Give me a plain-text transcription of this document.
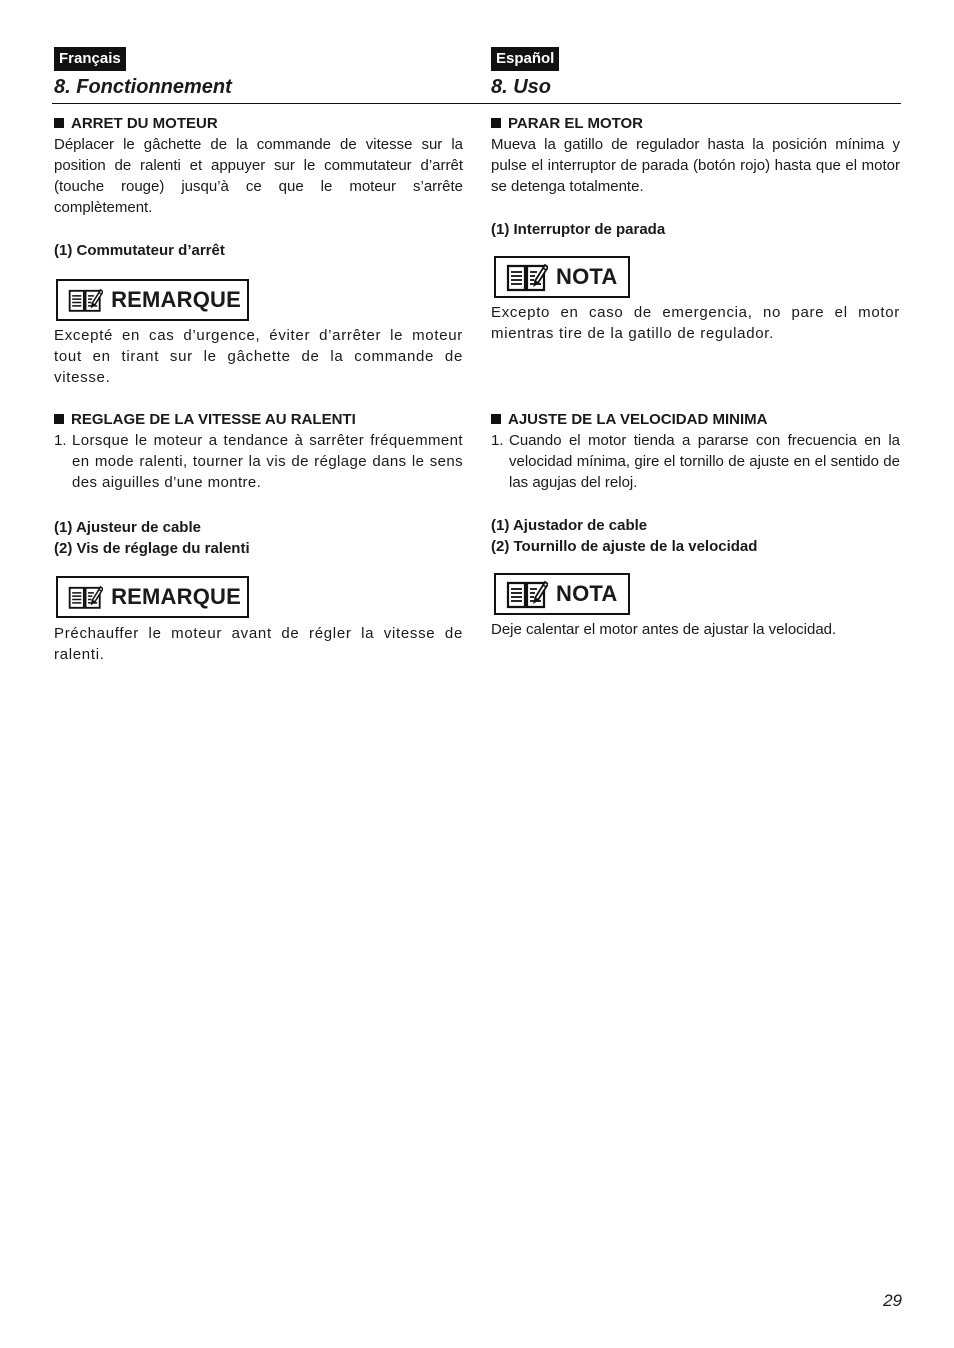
Français
8. Fonctionnement
Español
8. Uso
ARRET DU MOTEUR
Déplacer le gâchette de la commande de vitesse sur la position de ralenti et appuyer sur le commutateur d’arrêt (touche rouge) jusqu’à ce que le moteur s’arrête complètement.
(1) Commutateur d’arrêt
REMARQUE
Excepté en cas d’urgence, éviter d’arrêter le moteur tout en tirant sur le gâchette de la commande de vitesse.
REGLAGE DE LA VITESSE AU RALENTI
1. Lorsque le moteur a tendance à sarrêter fréquemment en mode ralenti, tourner la vis de réglage dans le sens des aiguilles d’une montre.
(1) Ajusteur de cable
(2) Vis de réglage du ralenti
REMARQUE
Préchauffer le moteur avant de régler la vitesse de ralenti.
PARAR EL MOTOR
Mueva la gatillo de regulador hasta la posición mínima y pulse el interruptor de parada (botón rojo) hasta que el motor se detenga totalmente.
(1) Interruptor de parada
NOTA
Excepto en caso de emergencia, no pare el motor mientras tire de la gatillo de regulador.
AJUSTE DE LA VELOCIDAD MINIMA
1. Cuando el motor tienda a pararse con frecuencia en la velocidad mínima, gire el tornillo de ajuste en el sentido de las agujas del reloj.
(1) Ajustador de cable
(2) Tournillo de ajuste de la velocidad
NOTA
Deje calentar el motor antes de ajustar la velocidad.
29
